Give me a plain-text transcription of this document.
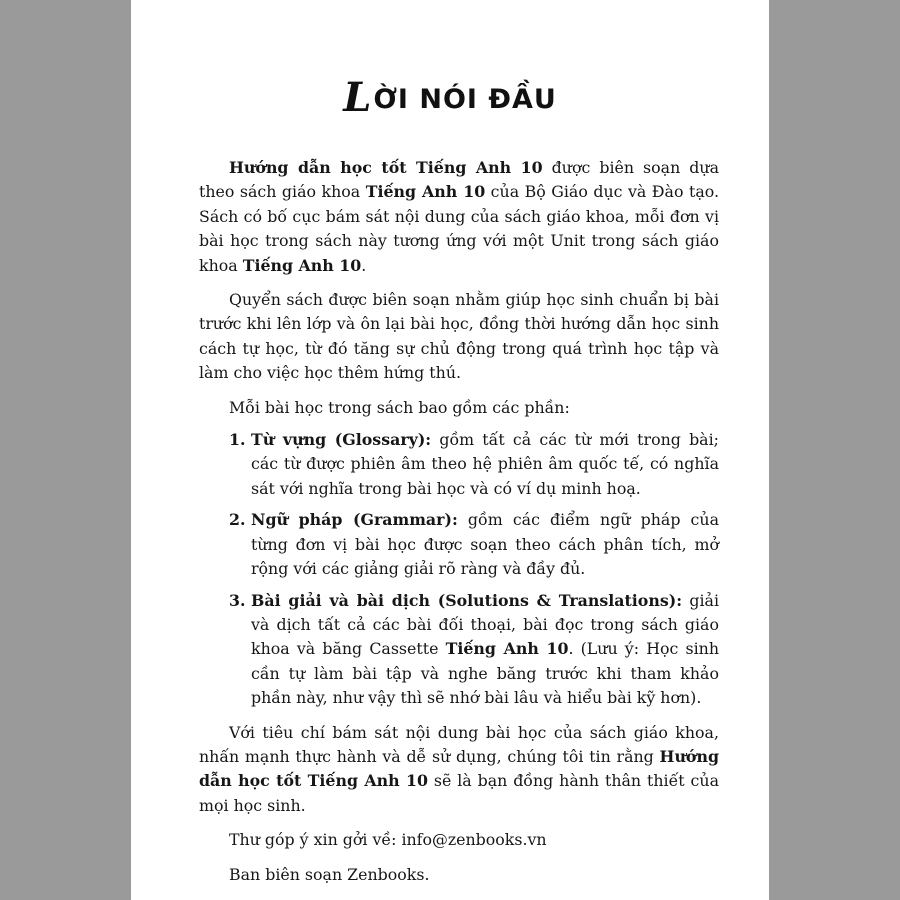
LỜI NÓI ĐẦU

Hướng dẫn học tốt Tiếng Anh 10 được biên soạn dựa theo sách giáo khoa Tiếng Anh 10 của Bộ Giáo dục và Đào tạo. Sách có bố cục bám sát nội dung của sách giáo khoa, mỗi đơn vị bài học trong sách này tương ứng với một Unit trong sách giáo khoa Tiếng Anh 10.

Quyển sách được biên soạn nhằm giúp học sinh chuẩn bị bài trước khi lên lớp và ôn lại bài học, đồng thời hướng dẫn học sinh cách tự học, từ đó tăng sự chủ động trong quá trình học tập và làm cho việc học thêm hứng thú.

Mỗi bài học trong sách bao gồm các phần:

1. Từ vựng (Glossary): gồm tất cả các từ mới trong bài; các từ được phiên âm theo hệ phiên âm quốc tế, có nghĩa sát với nghĩa trong bài học và có ví dụ minh hoạ.
2. Ngữ pháp (Grammar): gồm các điểm ngữ pháp của từng đơn vị bài học được soạn theo cách phân tích, mở rộng với các giảng giải rõ ràng và đầy đủ.
3. Bài giải và bài dịch (Solutions & Translations): giải và dịch tất cả các bài đối thoại, bài đọc trong sách giáo khoa và băng Cassette Tiếng Anh 10. (Lưu ý: Học sinh cần tự làm bài tập và nghe băng trước khi tham khảo phần này, như vậy thì sẽ nhớ bài lâu và hiểu bài kỹ hơn).

Với tiêu chí bám sát nội dung bài học của sách giáo khoa, nhấn mạnh thực hành và dễ sử dụng, chúng tôi tin rằng Hướng dẫn học tốt Tiếng Anh 10 sẽ là bạn đồng hành thân thiết của mọi học sinh.

Thư góp ý xin gởi về: info@zenbooks.vn

Ban biên soạn Zenbooks.
